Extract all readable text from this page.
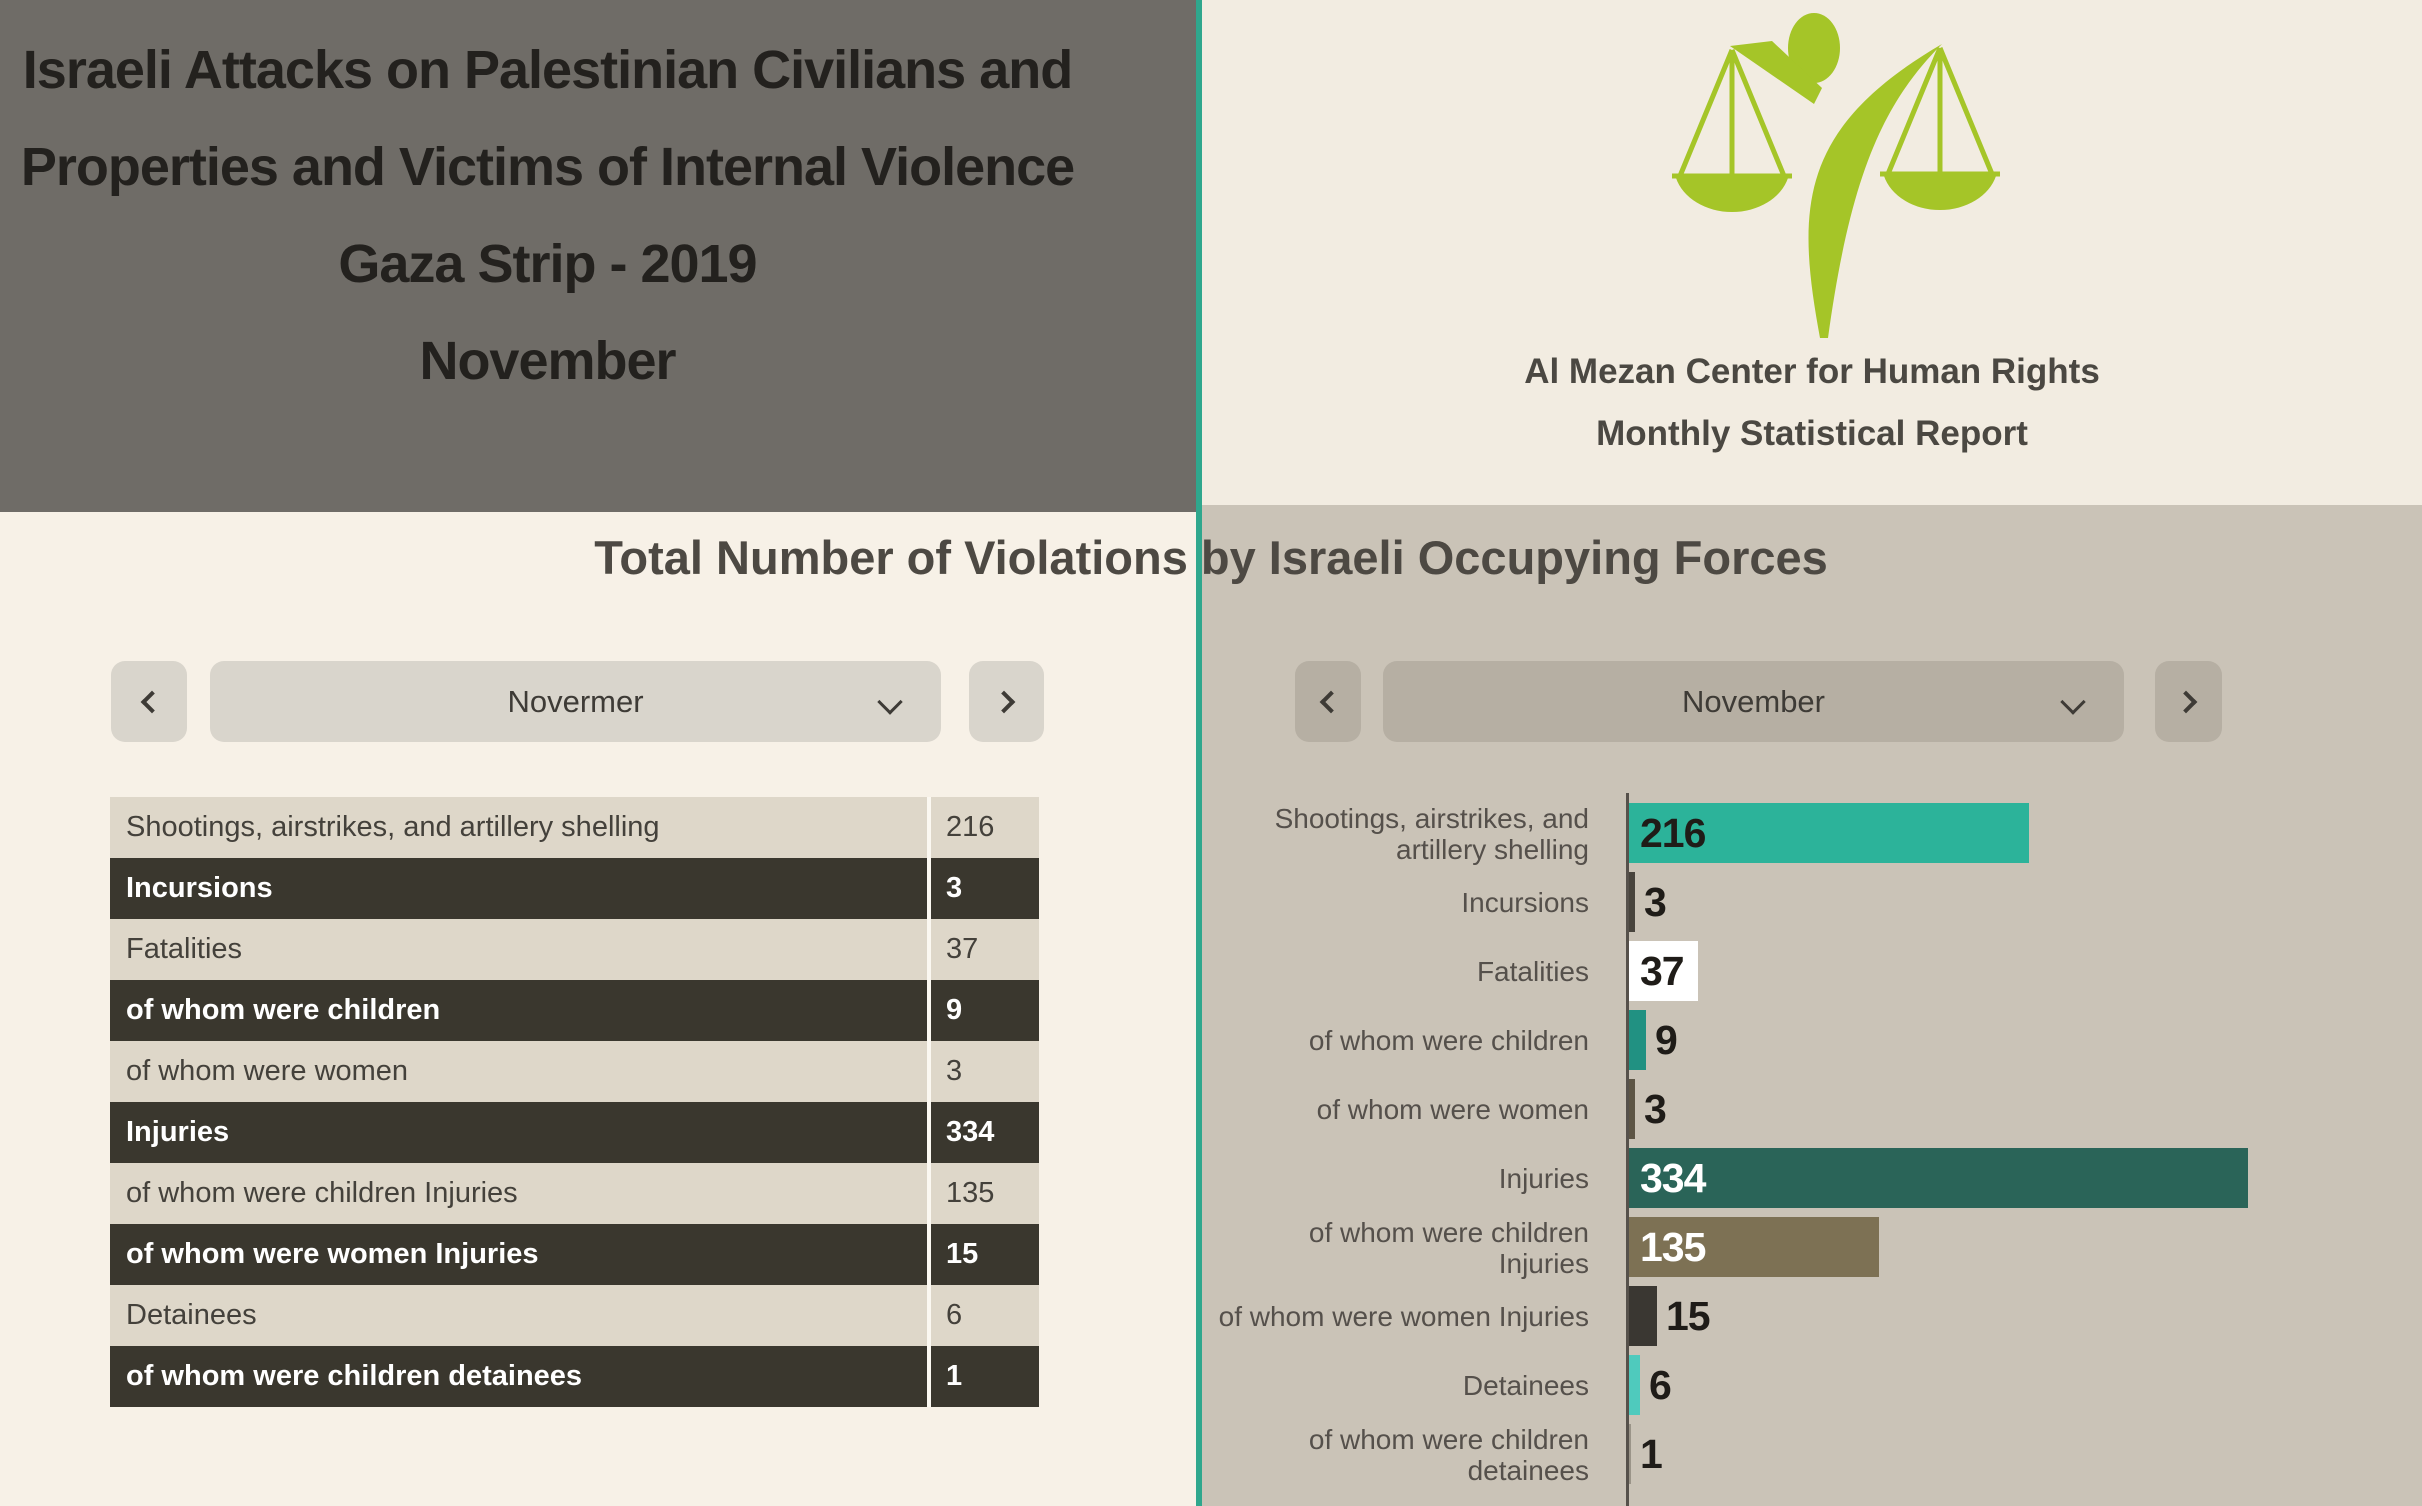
Israeli Attacks on Palestinian Civilians and
Properties and Victims of Internal Violence
Gaza Strip - 2019
November	Al Mezan Center for Human Rights
Monthly Statistical Report
Total Number of Violations by Israeli Occupying Forces
Novermer	November
Shootings, airstrikes, and artillery shelling	216
Incursions	3
Fatalities	37
of whom were children	9
of whom were women	3
Injuries	334
of whom were children Injuries	135
of whom were women Injuries	15
Detainees	6
of whom were children detainees	1
Shootings, airstrikes, and
artillery shelling 216
Incursions 3
Fatalities 37
of whom were children 9
of whom were women 3
Injuries 334
of whom were children
Injuries 135
of whom were women Injuries 15
Detainees 6
of whom were children
detainees 1
